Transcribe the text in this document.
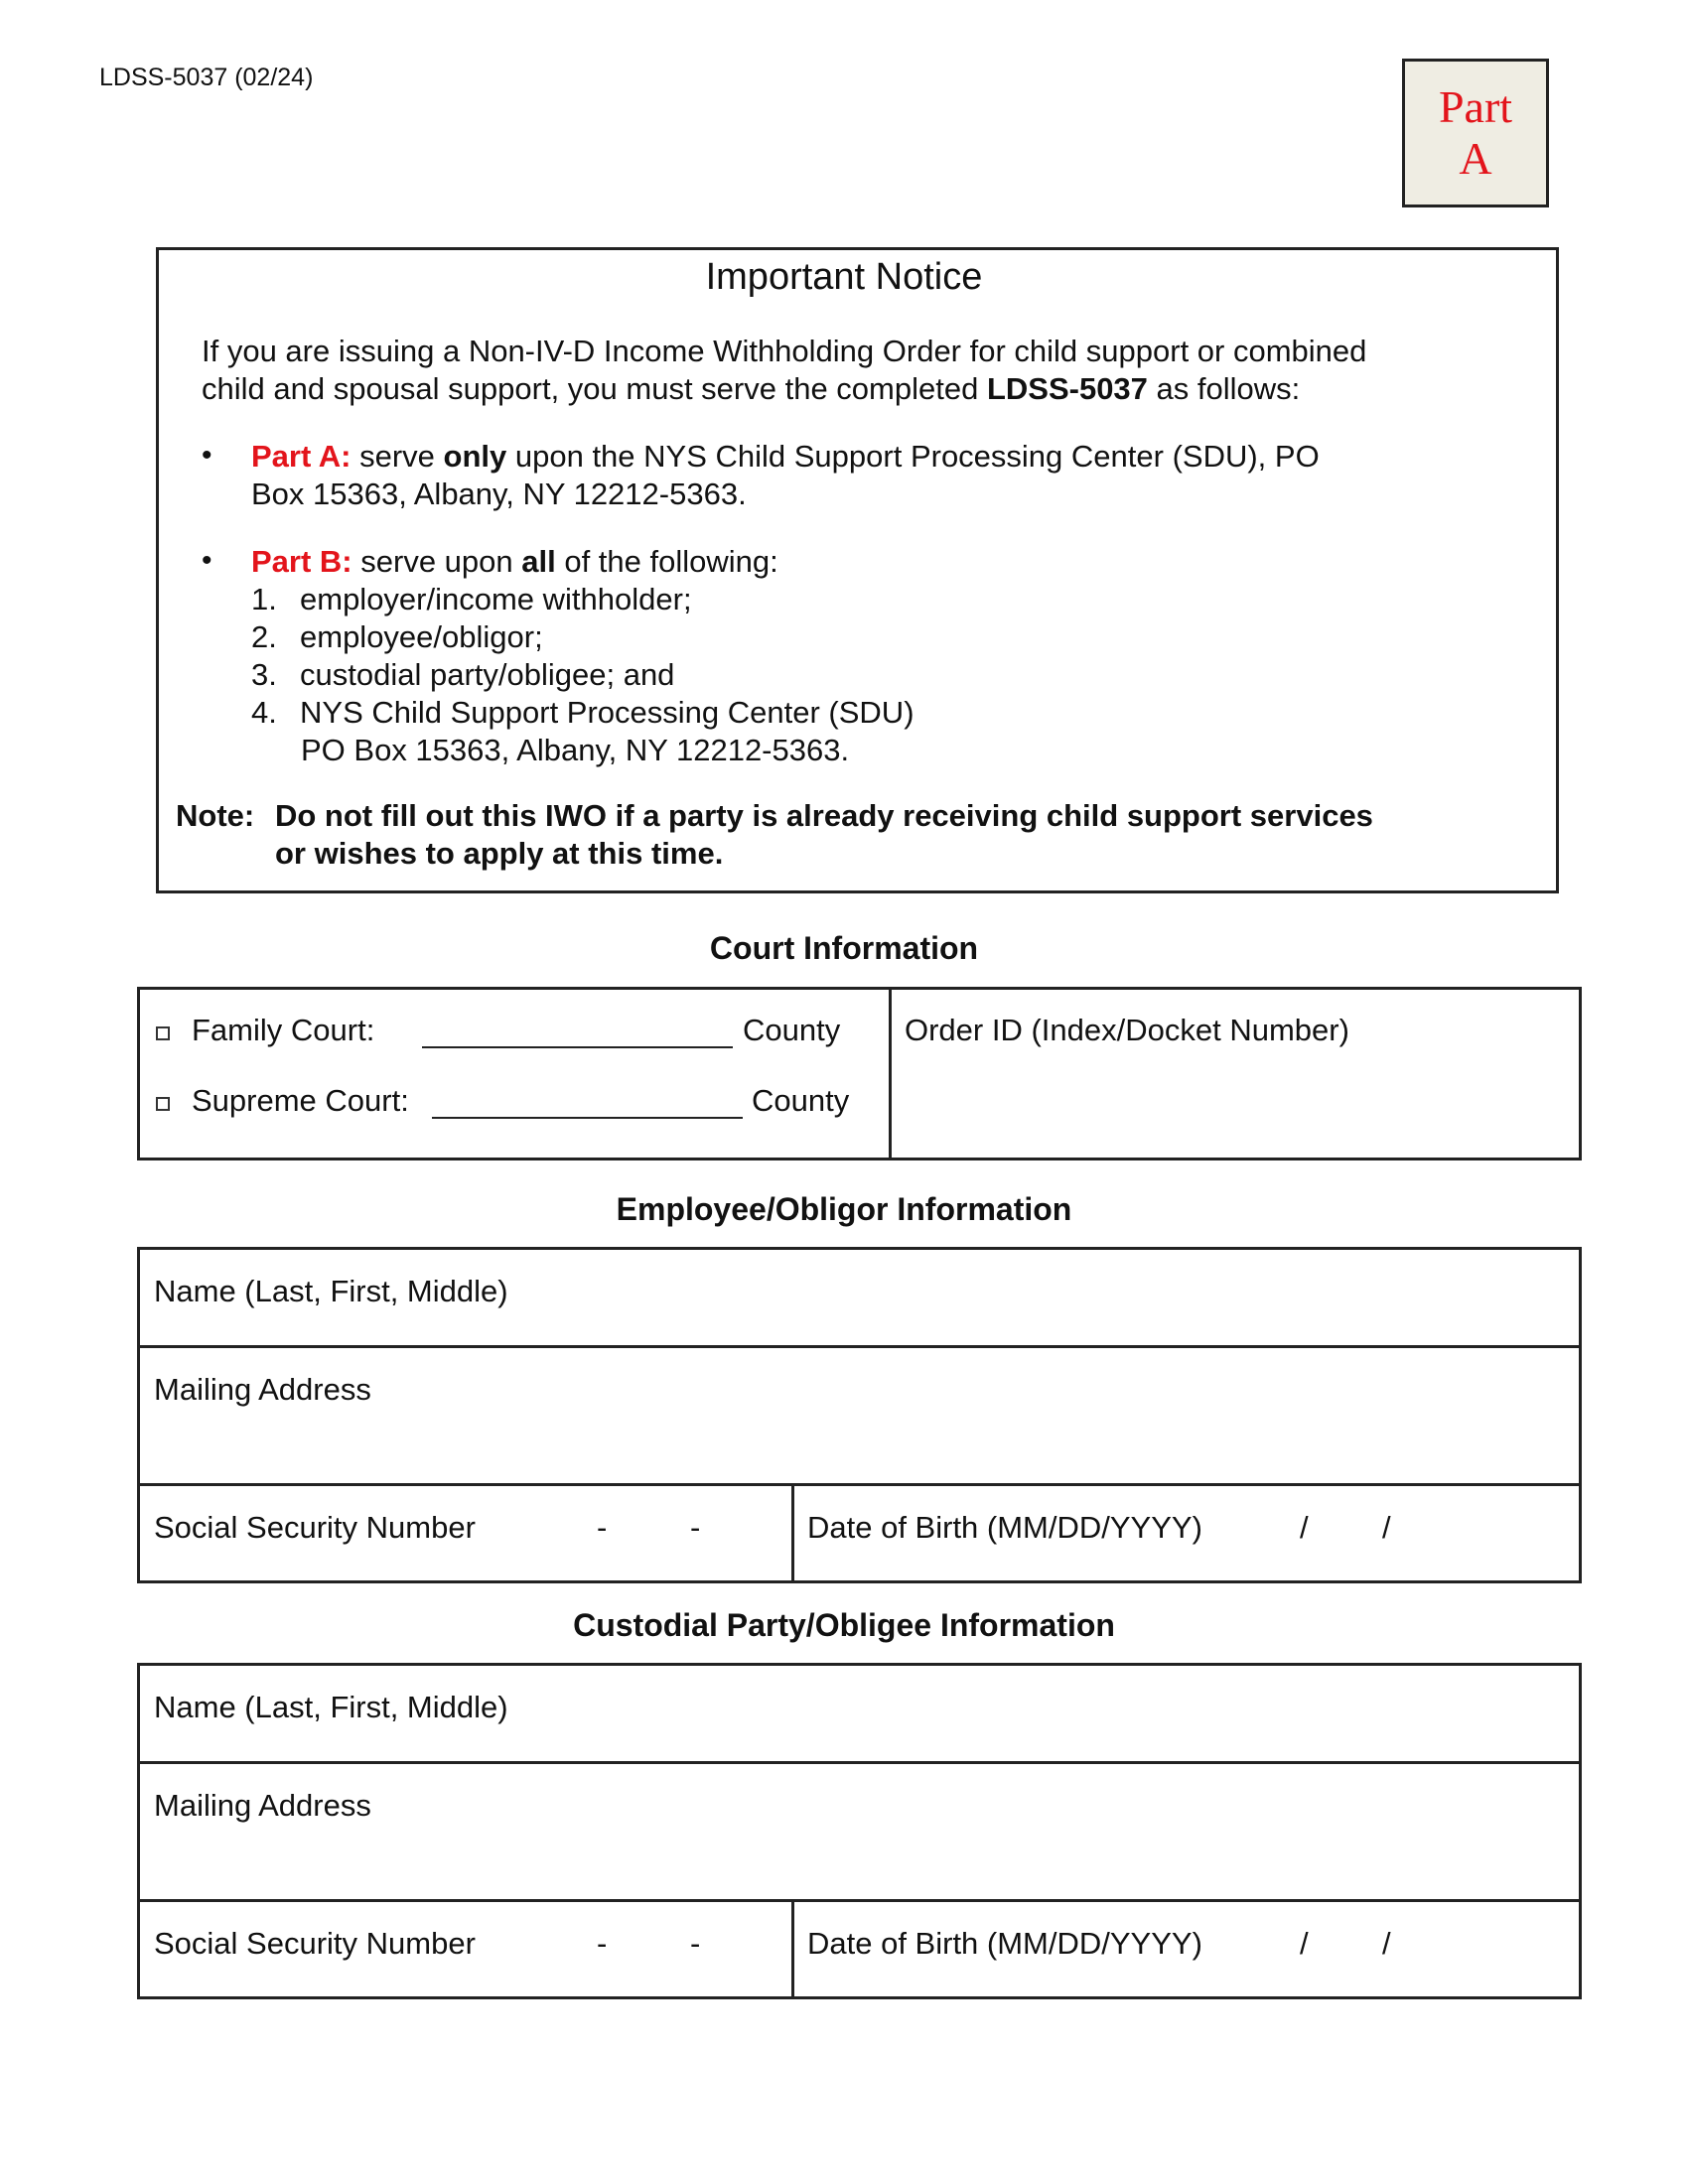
LDSS-5037 (02/24)
Part
A
Important Notice
If you are issuing a Non-IV-D Income Withholding Order for child support or combined
child and spousal support, you must serve the completed LDSS-5037 as follows:
• Part A: serve only upon the NYS Child Support Processing Center (SDU), PO
Box 15363, Albany, NY 12212-5363.
• Part B: serve upon all of the following:
1. employer/income withholder;
2. employee/obligor;
3. custodial party/obligee; and
4. NYS Child Support Processing Center (SDU)
PO Box 15363, Albany, NY 12212-5363.
Note: Do not fill out this IWO if a party is already receiving child support services
or wishes to apply at this time.
Court Information
Family Court:	County
Supreme Court:	County
Order ID (Index/Docket Number)
Employee/Obligor Information
Name (Last, First, Middle)
Mailing Address
Social Security Number	-	-	Date of Birth (MM/DD/YYYY)	/ /
Custodial Party/Obligee Information
Name (Last, First, Middle)
Mailing Address
Social Security Number	-	-	Date of Birth (MM/DD/YYYY)	/ /
